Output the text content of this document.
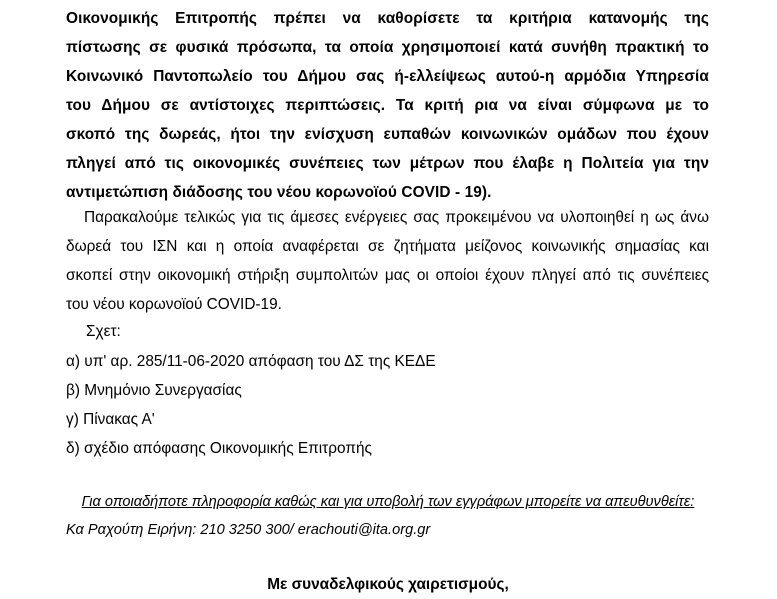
Οικονομικής Επιτροπής πρέπει να καθορίσετε τα κριτήρια κατανομής της
πίστωσης σε φυσικά πρόσωπα, τα οποία χρησιμοποιεί κατά συνήθη πρακτική το
Κοινωνικό Παντοπωλείο του Δήμου σας ή-ελλείψεως αυτού-η αρμόδια Υπηρεσία
του Δήμου σε αντίστοιχες περιπτώσεις. Τα κριτή ρια να είναι σύμφωνα με το
σκοπό της δωρεάς, ήτοι την ενίσχυση ευπαθών κοινωνικών ομάδων που έχουν
πληγεί από τις οικονομικές συνέπειες των μέτρων που έλαβε η Πολιτεία για την
αντιμετώπιση διάδοσης του νέου κορωνοϊού COVID - 19).
Παρακαλούμε τελικώς για τις άμεσες ενέργειες σας προκειμένου να υλοποιηθεί η ως άνω
δωρεά του ΙΣΝ και η οποία αναφέρεται σε ζητήματα μείζονος κοινωνικής σημασίας και
σκοπεί στην οικονομική στήριξη συμπολιτών μας οι οποίοι έχουν πληγεί από τις συνέπειες
του νέου κορωνοϊού COVID-19.
Σχετ:
α) υπ' αρ. 285/11-06-2020 απόφαση του ΔΣ της ΚΕΔΕ
β) Μνημόνιο Συνεργασίας
γ) Πίνακας Α'
δ) σχέδιο απόφασης Οικονομικής Επιτροπής
Για οποιαδήποτε πληροφορία καθώς και για υποβολή των εγγράφων μπορείτε να απευθυνθείτε:
Κα Ραχούτη Ειρήνη: 210 3250 300/ erachouti@ita.org.gr
Με συναδελφικούς χαιρετισμούς,
